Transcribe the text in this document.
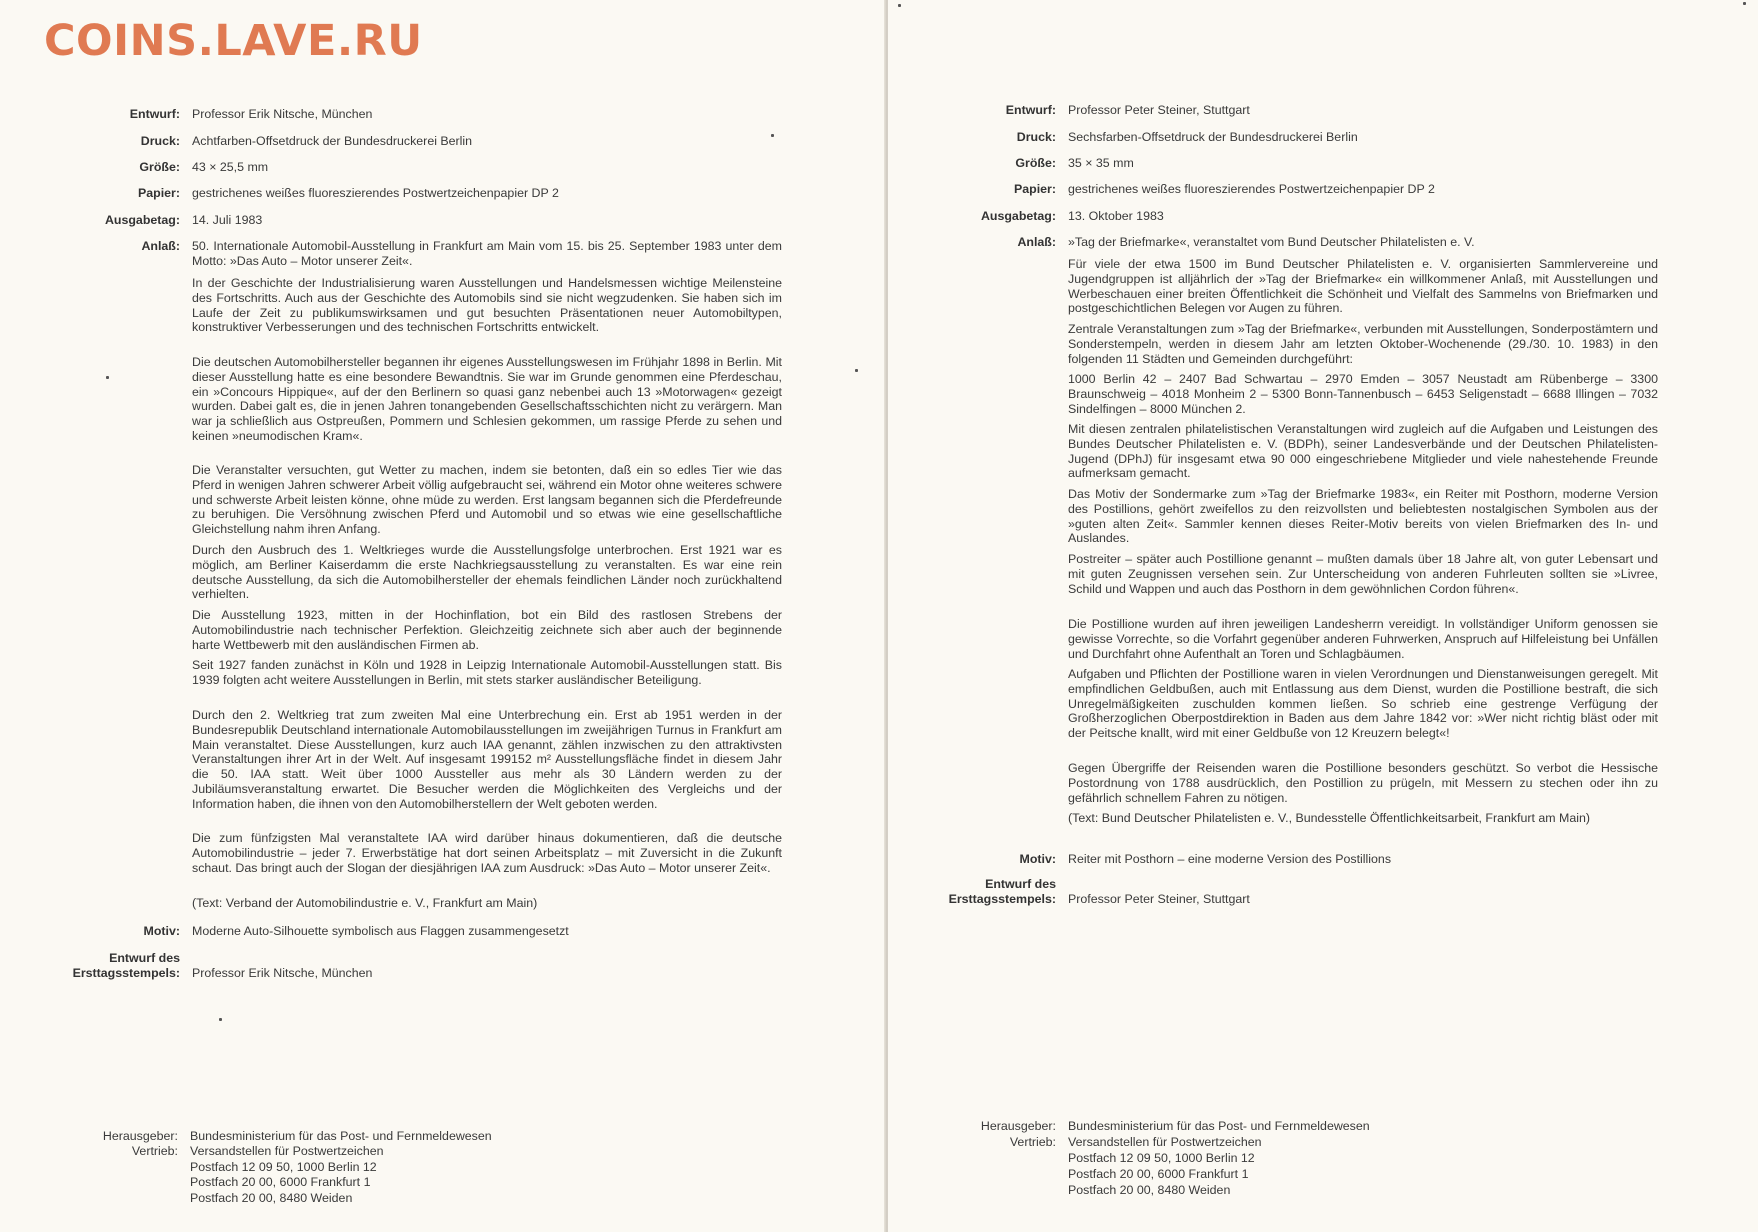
COINS.LAVE.RU
Entwurf: Professor Erik Nitsche, München
Druck: Achtfarben-Offsetdruck der Bundesdruckerei Berlin
Größe: 43 × 25,5 mm
Papier: gestrichenes weißes fluoreszierendes Postwertzeichenpapier DP 2
Ausgabetag: 14. Juli 1983
Anlaß: 50. Internationale Automobil-Ausstellung in Frankfurt am Main vom 15. bis 25. September 1983 unter dem Motto: »Das Auto – Motor unserer Zeit«.
In der Geschichte der Industrialisierung waren Ausstellungen und Handelsmessen wichtige Meilensteine des Fortschritts. Auch aus der Geschichte des Automobils sind sie nicht wegzudenken. Sie haben sich im Laufe der Zeit zu publikumswirksamen und gut besuchten Präsentationen neuer Automobiltypen, konstruktiver Verbesserungen und des technischen Fortschritts entwickelt.
Die deutschen Automobilhersteller begannen ihr eigenes Ausstellungswesen im Frühjahr 1898 in Berlin. Mit dieser Ausstellung hatte es eine besondere Bewandtnis. Sie war im Grunde genommen eine Pferdeschau, ein »Concours Hippique«, auf der den Berlinern so quasi ganz nebenbei auch 13 »Motorwagen« gezeigt wurden. Dabei galt es, die in jenen Jahren tonangebenden Gesellschaftsschichten nicht zu verärgern. Man war ja schließlich aus Ostpreußen, Pommern und Schlesien gekommen, um rassige Pferde zu sehen und keinen »neumodischen Kram«.
Die Veranstalter versuchten, gut Wetter zu machen, indem sie betonten, daß ein so edles Tier wie das Pferd in wenigen Jahren schwerer Arbeit völlig aufgebraucht sei, während ein Motor ohne weiteres schwere und schwerste Arbeit leisten könne, ohne müde zu werden. Erst langsam begannen sich die Pferdefreunde zu beruhigen. Die Versöhnung zwischen Pferd und Automobil und so etwas wie eine gesellschaftliche Gleichstellung nahm ihren Anfang.
Durch den Ausbruch des 1. Weltkrieges wurde die Ausstellungsfolge unterbrochen. Erst 1921 war es möglich, am Berliner Kaiserdamm die erste Nachkriegsausstellung zu veranstalten. Es war eine rein deutsche Ausstellung, da sich die Automobilhersteller der ehemals feindlichen Länder noch zurückhaltend verhielten.
Die Ausstellung 1923, mitten in der Hochinflation, bot ein Bild des rastlosen Strebens der Automobilindustrie nach technischer Perfektion. Gleichzeitig zeichnete sich aber auch der beginnende harte Wettbewerb mit den ausländischen Firmen ab.
Seit 1927 fanden zunächst in Köln und 1928 in Leipzig Internationale Automobil-Ausstellungen statt. Bis 1939 folgten acht weitere Ausstellungen in Berlin, mit stets starker ausländischer Beteiligung.
Durch den 2. Weltkrieg trat zum zweiten Mal eine Unterbrechung ein. Erst ab 1951 werden in der Bundesrepublik Deutschland internationale Automobilausstellungen im zweijährigen Turnus in Frankfurt am Main veranstaltet. Diese Ausstellungen, kurz auch IAA genannt, zählen inzwischen zu den attraktivsten Veranstaltungen ihrer Art in der Welt. Auf insgesamt 199152 m² Ausstellungsfläche findet in diesem Jahr die 50. IAA statt. Weit über 1000 Aussteller aus mehr als 30 Ländern werden zu der Jubiläumsveranstaltung erwartet. Die Besucher werden die Möglichkeiten des Vergleichs und der Information haben, die ihnen von den Automobilherstellern der Welt geboten werden.
Die zum fünfzigsten Mal veranstaltete IAA wird darüber hinaus dokumentieren, daß die deutsche Automobilindustrie – jeder 7. Erwerbstätige hat dort seinen Arbeitsplatz – mit Zuversicht in die Zukunft schaut. Das bringt auch der Slogan der diesjährigen IAA zum Ausdruck: »Das Auto – Motor unserer Zeit«.
(Text: Verband der Automobilindustrie e. V., Frankfurt am Main)
Motiv: Moderne Auto-Silhouette symbolisch aus Flaggen zusammengesetzt
Entwurf des
Ersttagsstempels: Professor Erik Nitsche, München
Herausgeber:
Vertrieb:
Bundesministerium für das Post- und Fernmeldewesen
Versandstellen für Postwertzeichen
Postfach 12 09 50, 1000 Berlin 12
Postfach 20 00, 6000 Frankfurt 1
Postfach 20 00, 8480 Weiden
Entwurf: Professor Peter Steiner, Stuttgart
Druck: Sechsfarben-Offsetdruck der Bundesdruckerei Berlin
Größe: 35 × 35 mm
Papier: gestrichenes weißes fluoreszierendes Postwertzeichenpapier DP 2
Ausgabetag: 13. Oktober 1983
Anlaß: »Tag der Briefmarke«, veranstaltet vom Bund Deutscher Philatelisten e. V.
Für viele der etwa 1500 im Bund Deutscher Philatelisten e. V. organisierten Sammlervereine und Jugendgruppen ist alljährlich der »Tag der Briefmarke« ein willkommener Anlaß, mit Ausstellungen und Werbeschauen einer breiten Öffentlichkeit die Schönheit und Vielfalt des Sammelns von Briefmarken und postgeschichtlichen Belegen vor Augen zu führen.
Zentrale Veranstaltungen zum »Tag der Briefmarke«, verbunden mit Ausstellungen, Sonderpostämtern und Sonderstempeln, werden in diesem Jahr am letzten Oktober-Wochenende (29./30. 10. 1983) in den folgenden 11 Städten und Gemeinden durchgeführt:
1000 Berlin 42 – 2407 Bad Schwartau – 2970 Emden – 3057 Neustadt am Rübenberge – 3300 Braunschweig – 4018 Monheim 2 – 5300 Bonn-Tannenbusch – 6453 Seligenstadt – 6688 Illingen – 7032 Sindelfingen – 8000 München 2.
Mit diesen zentralen philatelistischen Veranstaltungen wird zugleich auf die Aufgaben und Leistungen des Bundes Deutscher Philatelisten e. V. (BDPh), seiner Landesverbände und der Deutschen Philatelisten-Jugend (DPhJ) für insgesamt etwa 90 000 eingeschriebene Mitglieder und viele nahestehende Freunde aufmerksam gemacht.
Das Motiv der Sondermarke zum »Tag der Briefmarke 1983«, ein Reiter mit Posthorn, moderne Version des Postillions, gehört zweifellos zu den reizvollsten und beliebtesten nostalgischen Symbolen aus der »guten alten Zeit«. Sammler kennen dieses Reiter-Motiv bereits von vielen Briefmarken des In- und Auslandes.
Postreiter – später auch Postillione genannt – mußten damals über 18 Jahre alt, von guter Lebensart und mit guten Zeugnissen versehen sein. Zur Unterscheidung von anderen Fuhrleuten sollten sie »Livree, Schild und Wappen und auch das Posthorn in dem gewöhnlichen Cordon führen«.
Die Postillione wurden auf ihren jeweiligen Landesherrn vereidigt. In vollständiger Uniform genossen sie gewisse Vorrechte, so die Vorfahrt gegenüber anderen Fuhrwerken, Anspruch auf Hilfeleistung bei Unfällen und Durchfahrt ohne Aufenthalt an Toren und Schlagbäumen.
Aufgaben und Pflichten der Postillione waren in vielen Verordnungen und Dienstanweisungen geregelt. Mit empfindlichen Geldbußen, auch mit Entlassung aus dem Dienst, wurden die Postillione bestraft, die sich Unregelmäßigkeiten zuschulden kommen ließen. So schrieb eine gestrenge Verfügung der Großherzoglichen Oberpostdirektion in Baden aus dem Jahre 1842 vor: »Wer nicht richtig bläst oder mit der Peitsche knallt, wird mit einer Geldbuße von 12 Kreuzern belegt«!
Gegen Übergriffe der Reisenden waren die Postillione besonders geschützt. So verbot die Hessische Postordnung von 1788 ausdrücklich, den Postillion zu prügeln, mit Messern zu stechen oder ihn zu gefährlich schnellem Fahren zu nötigen.
(Text: Bund Deutscher Philatelisten e. V., Bundesstelle Öffentlichkeitsarbeit, Frankfurt am Main)
Motiv: Reiter mit Posthorn – eine moderne Version des Postillions
Entwurf des
Ersttagsstempels: Professor Peter Steiner, Stuttgart
Herausgeber:
Vertrieb:
Bundesministerium für das Post- und Fernmeldewesen
Versandstellen für Postwertzeichen
Postfach 12 09 50, 1000 Berlin 12
Postfach 20 00, 6000 Frankfurt 1
Postfach 20 00, 8480 Weiden
